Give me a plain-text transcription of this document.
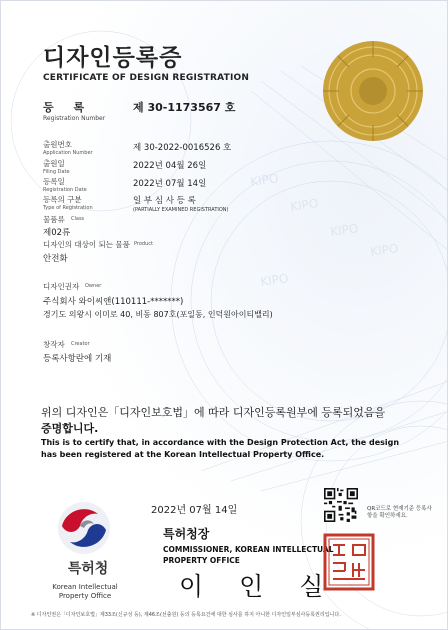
KIPO
KIPO
KIPO
KIPO
KIPO
디자인등록증
CERTIFICATE OF DESIGN REGISTRATION
등 록
Registration Number
제 30-1173567 호
출원번호
Application Number	제 30-2022-0016526 호
출원일
Filing Date
2022년 04월 26일
등록일
Registration Date
2022년 07월 14일
등록의 구분
Type of Registration
일 부 심 사 등 록
(PARTIALLY EXAMINED REGISTRATION)
물품류 Class
제02류
디자인의 대상이 되는 물품 Product
안전화
디자인권자 Owner
주식회사 와이씨앤(110111-*******)
경기도 의왕시 이미로 40, 비동 807호(포일동, 인덕원아이티밸리)
창작자 Creator
등록사항란에 기재
위의 디자인은「디자인보호법」에 따라 디자인등록원부에 등록되었음을
증명합니다.
This is to certify that, in accordance with the Design Protection Act, the design has been registered at the Korean Intellectual Property Office.
2022년 07월 14일	QR코드로 현재기준 등록사항을 확인하세요.
특허청장
COMMISSIONER, KOREAN INTELLECTUAL PROPERTY OFFICE
이 인 실
특허청
Korean Intellectual Property Office
※ 디자인권은「디자인보호법」제33조(신규성 등), 제46조(선출원) 등의 등록요건에 대한 심사를 하지 아니한 디자인일부심사등록권리입니다.
